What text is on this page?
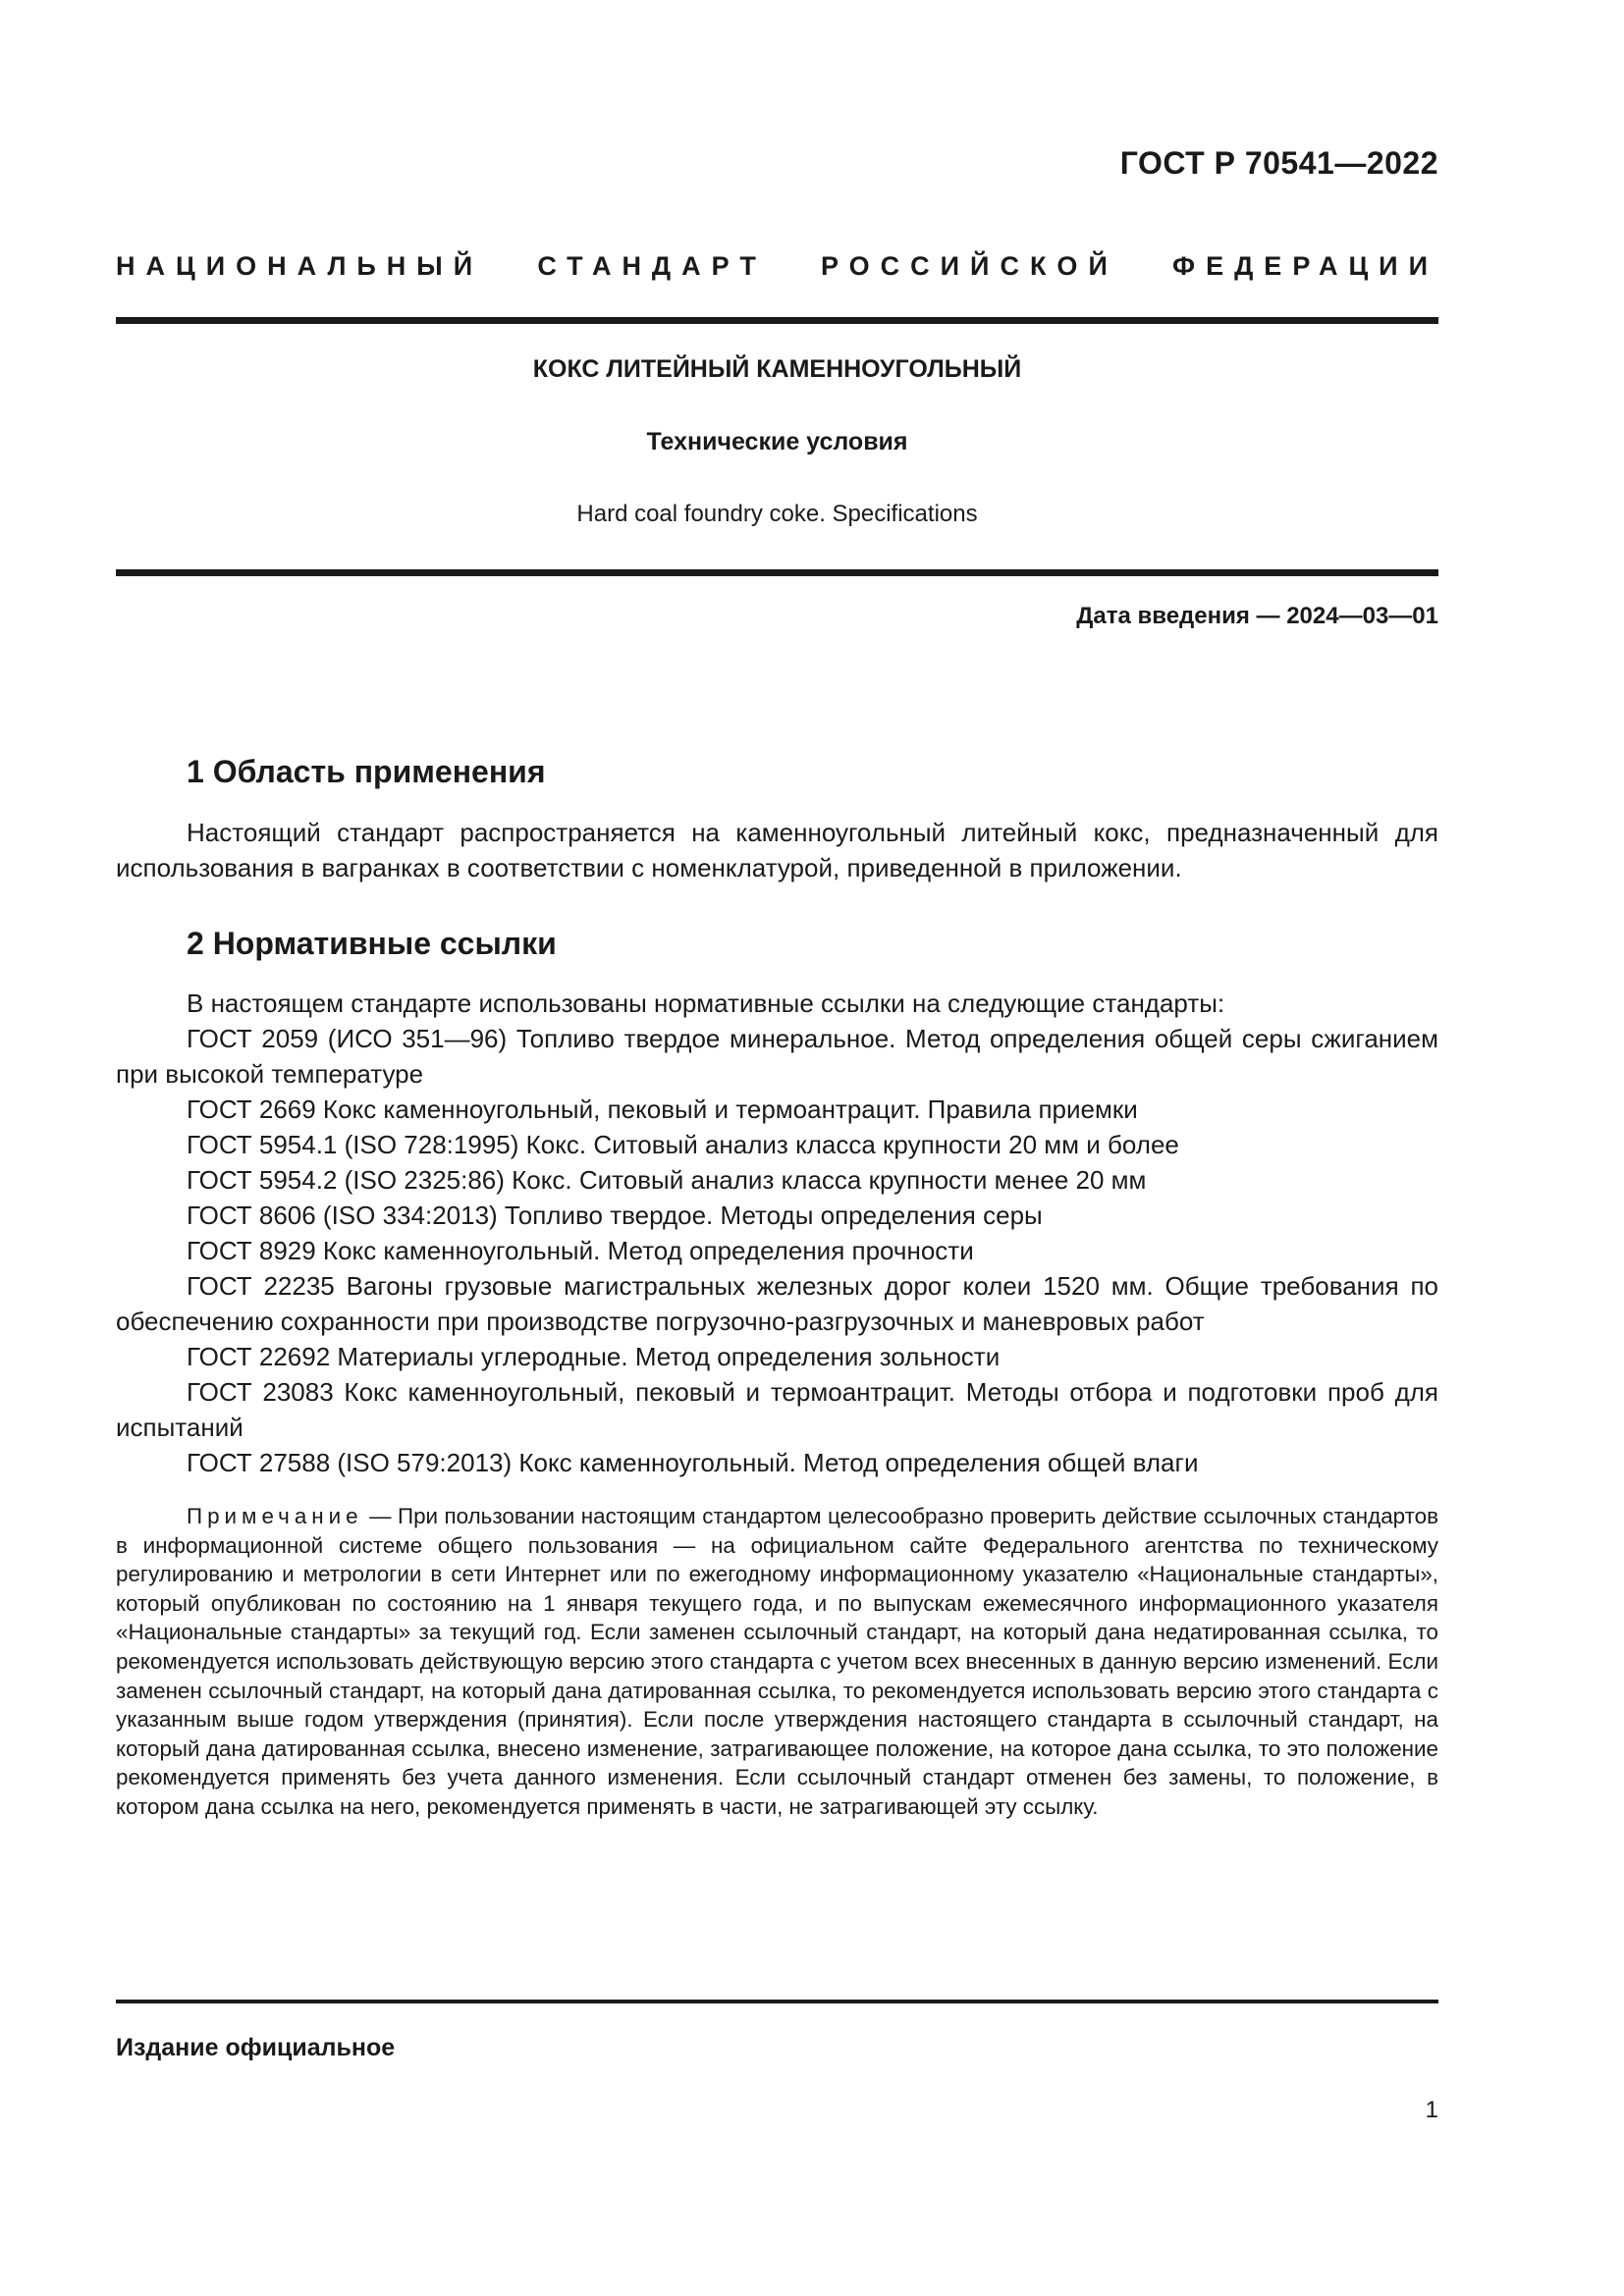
ГОСТ Р 70541—2022
НАЦИОНАЛЬНЫЙ СТАНДАРТ РОССИЙСКОЙ ФЕДЕРАЦИИ
КОКС ЛИТЕЙНЫЙ КАМЕННОУГОЛЬНЫЙ
Технические условия
Hard coal foundry coke. Specifications
Дата введения — 2024—03—01
1 Область применения

Настоящий стандарт распространяется на каменноугольный литейный кокс, предназначенный для использования в вагранках в соответствии с номенклатурой, приведенной в приложении.

2 Нормативные ссылки

В настоящем стандарте использованы нормативные ссылки на следующие стандарты:

ГОСТ 2059 (ИСО 351—96) Топливо твердое минеральное. Метод определения общей серы сжиганием при высокой температуре

ГОСТ 2669 Кокс каменноугольный, пековый и термоантрацит. Правила приемки

ГОСТ 5954.1 (ISO 728:1995) Кокс. Ситовый анализ класса крупности 20 мм и более

ГОСТ 5954.2 (ISO 2325:86) Кокс. Ситовый анализ класса крупности менее 20 мм

ГОСТ 8606 (ISO 334:2013) Топливо твердое. Методы определения серы

ГОСТ 8929 Кокс каменноугольный. Метод определения прочности

ГОСТ 22235 Вагоны грузовые магистральных железных дорог колеи 1520 мм. Общие требования по обеспечению сохранности при производстве погрузочно-разгрузочных и маневровых работ

ГОСТ 22692 Материалы углеродные. Метод определения зольности

ГОСТ 23083 Кокс каменноугольный, пековый и термоантрацит. Методы отбора и подготовки проб для испытаний

ГОСТ 27588 (ISO 579:2013) Кокс каменноугольный. Метод определения общей влаги

Примечание — При пользовании настоящим стандартом целесообразно проверить действие ссылочных стандартов в информационной системе общего пользования — на официальном сайте Федерального агентства по техническому регулированию и метрологии в сети Интернет или по ежегодному информационному указателю «Национальные стандарты», который опубликован по состоянию на 1 января текущего года, и по выпускам ежемесячного информационного указателя «Национальные стандарты» за текущий год. Если заменен ссылочный стандарт, на который дана недатированная ссылка, то рекомендуется использовать действующую версию этого стандарта с учетом всех внесенных в данную версию изменений. Если заменен ссылочный стандарт, на который дана датированная ссылка, то рекомендуется использовать версию этого стандарта с указанным выше годом утверждения (принятия). Если после утверждения настоящего стандарта в ссылочный стандарт, на который дана датированная ссылка, внесено изменение, затрагивающее положение, на которое дана ссылка, то это положение рекомендуется применять без учета данного изменения. Если ссылочный стандарт отменен без замены, то положение, в котором дана ссылка на него, рекомендуется применять в части, не затрагивающей эту ссылку.

Издание официальное
1
